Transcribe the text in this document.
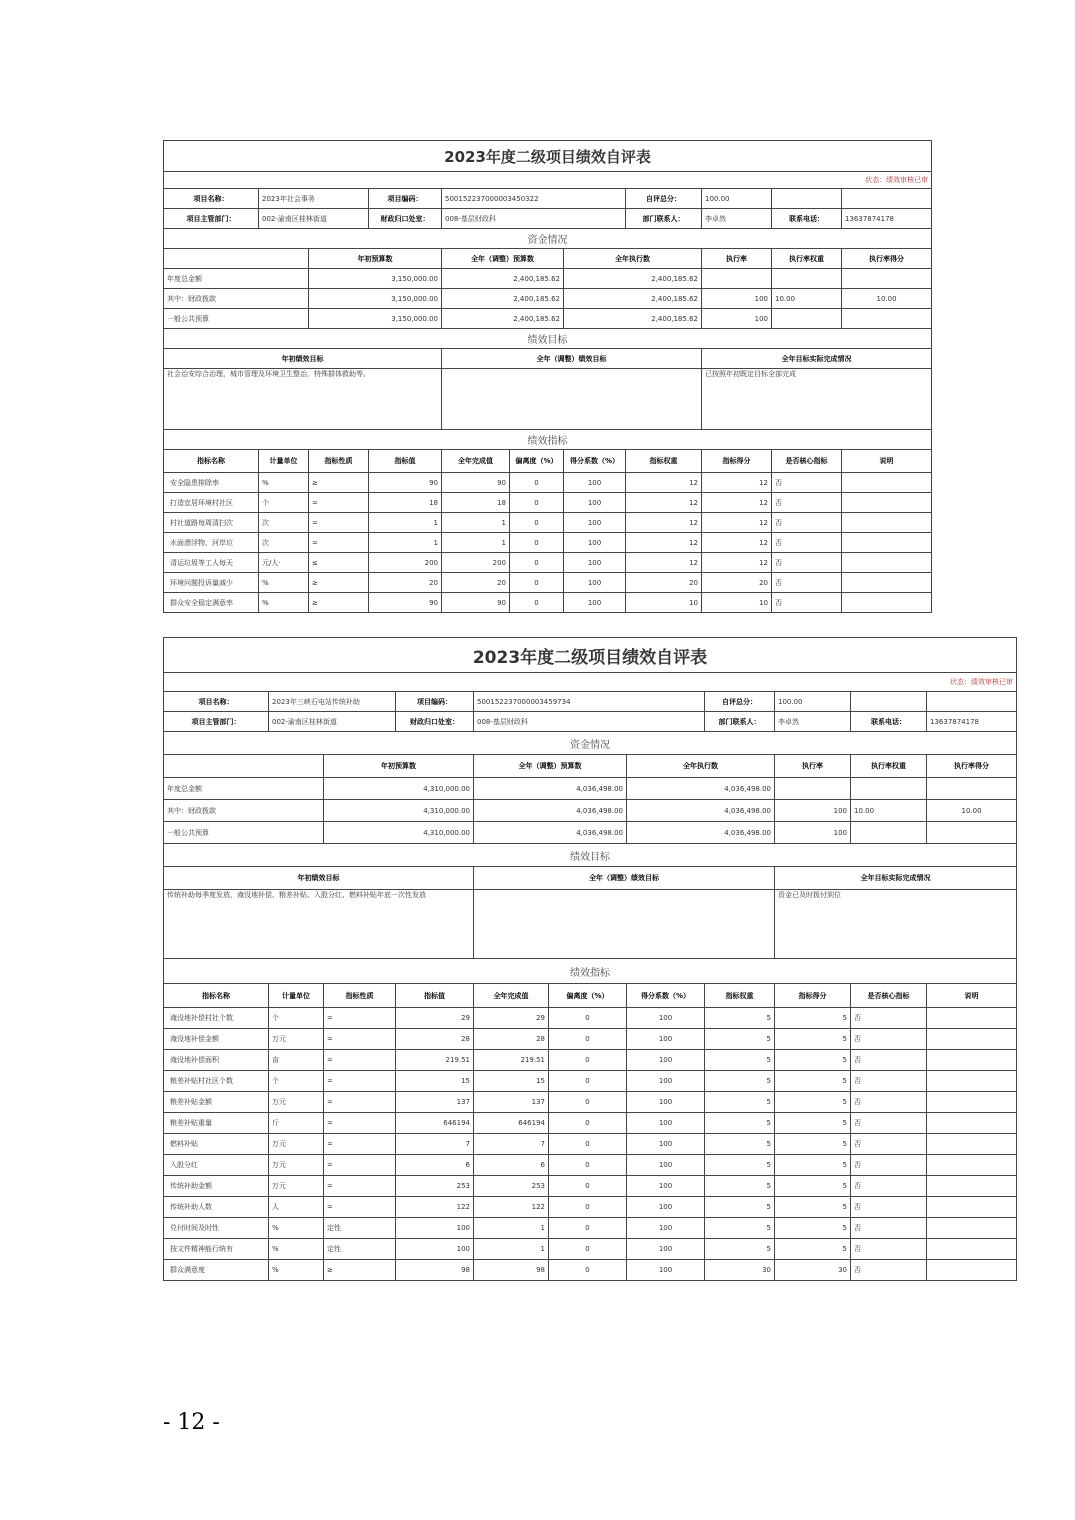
2023年度二级项目绩效自评表										
状态：绩效审核已审										
项目名称：	2023年社会事务		项目编码：	500152237000003450322			自评总分：	100.00		
项目主管部门：	002-渝南区桂林街道		财政归口处室：	008-基层财政科			部门联系人：	李卓然	联系电话：	13637874178
资金情况										
		年初预算数		全年（调整）预算数		全年执行数		执行率	执行率权重	执行率得分
年度总金额		3,150,000.00		2,400,185.62		2,400,185.62				
其中：财政拨款		3,150,000.00		2,400,185.62		2,400,185.62		100	10.00	10.00
一般公共预算		3,150,000.00		2,400,185.62		2,400,185.62		100		
绩效目标										
年初绩效目标				全年（调整）绩效目标				全年目标实际完成情况		
社会治安综合治理，城市管理及环境卫生整治，特殊群体救助等。								已按照年初既定目标全部完成		
绩效指标										
指标名称	计量单位	指标性质	指标值	全年完成值	偏离度（%）	得分系数（%）	指标权重	指标得分	是否核心指标	说明
安全隐患排除率	%	≥	90	90	0	100	12	12	否	
打造宜居环境村社区	个	=	18	18	0	100	12	12	否	
村社道路每周清扫次	次	=	1	1	0	100	12	12	否	
水面漂浮物、河岸垃	次	=	1	1	0	100	12	12	否	
清运垃圾等工人每天	元/人·	≤	200	200	0	100	12	12	否	
环境问题投诉量减少	%	≥	20	20	0	100	20	20	否	
群众安全稳定满意率	%	≥	90	90	0	100	10	10	否	
2023年度二级项目绩效自评表										
状态：绩效审核已审										
项目名称：	2023年三峡石电站传统补助		项目编码：	500152237000003459734			自评总分：	100.00		
项目主管部门：	002-渝南区桂林街道		财政归口处室：	008-基层财政科			部门联系人：	李卓然	联系电话：	13637874178
资金情况										
		年初预算数		全年（调整）预算数		全年执行数		执行率	执行率权重	执行率得分
年度总金额		4,310,000.00		4,036,498.00		4,036,498.00				
其中：财政拨款		4,310,000.00		4,036,498.00		4,036,498.00		100	10.00	10.00
一般公共预算		4,310,000.00		4,036,498.00		4,036,498.00		100		
绩效目标										
年初绩效目标				全年（调整）绩效目标				全年目标实际完成情况		
传统补助每季度发放，淹没地补偿、粮差补贴、入股分红、燃料补贴年底一次性发放								资金已及时拨付到位		
绩效指标										
指标名称	计量单位	指标性质	指标值	全年完成值	偏离度（%）	得分系数（%）	指标权重	指标得分	是否核心指标	说明
淹没地补偿村社个数	个	=	29	29	0	100	5	5	否	
淹没地补偿金额	万元	=	28	28	0	100	5	5	否	
淹没地补偿面积	亩	=	219.51	219.51	0	100	5	5	否	
粮差补贴村社区个数	个	=	15	15	0	100	5	5	否	
粮差补贴金额	万元	=	137	137	0	100	5	5	否	
粮差补贴重量	斤	=	646194	646194	0	100	5	5	否	
燃料补贴	万元	=	7	7	0	100	5	5	否	
入股分红	万元	=	6	6	0	100	5	5	否	
传统补助金额	万元	=	253	253	0	100	5	5	否	
传统补助人数	人	=	122	122	0	100	5	5	否	
兑付时间及时性	%	定性	100	1	0	100	5	5	否	
按文件精神能行统有	%	定性	100	1	0	100	5	5	否	
群众满意度	%	≥	98	98	0	100	30	30	否	
- 12 -
